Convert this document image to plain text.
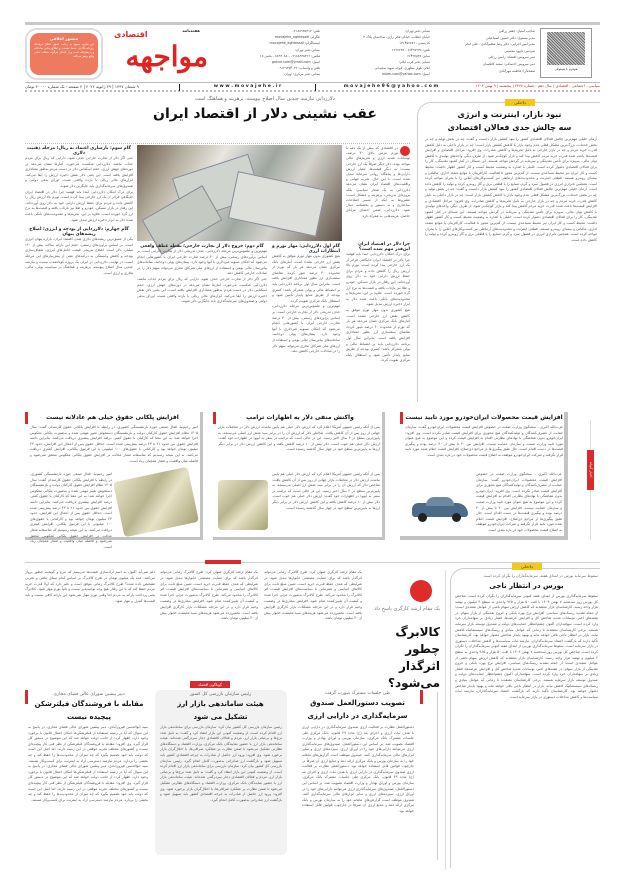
هم‌فرم با مسئولان
صاحب امتیاز: جعفر رزاقی
مدیر مسئول: دکتر حسین اسماعیلی
مدیر امور اجرایی: دکتر رضا عظیم‌آبادی - علی امام
سردبیر: داوود محسنی
دبیر سرویس اقتصاد: رامین رزاقی
دبیر سرویس اجتماعی: سعید کاظمیان
صفحه‌آرا: فاطمه مهرآبادی
نشانی دفتر تهران:
خیابان انقلاب، خیابان فخر رازی، ساختمان پلاک ۳
کد پستی ۱۳۱۴۵۶۷۸۹۰
تلفن: ۶۶۴۹۷۲۳۸ - ۶۶۹۷۲۳۸
نمابر: ۶۶۴۹۷۵۳۸
نشانی دفتر غرب ایلام:
ایلام، بلوار مطهری، کوچه شهید سلیمانی
ایمیل: iolom.com@yahoo.com
تلفن: ۰۲۱۸۸۹۳۵۳۱۲
تلگرام: movajehe_eghtesadi
اینستاگرام: movajehe_eghtesadi
نشانی دفتر تهران:
فکس: ۰۲۱۸۸۹۳۵۳۱۲ - ۸۸۹۳۰۸۸ - بخش ۱۸
ایمیل: gahve.com@ymail.com
تلفن و واتساپ: ۰۹۱۲۹۳۵۴۰۳۲
نشانی دفتر مرکزی: تهران
هفته‌نامه
مواجهه
اقتصادی
منشور اخلاقی
این نشریه متعهد به رعایت اصول اخلاق حرفه‌ای روزنامه‌نگاری، حفظ حقیقت و اطلاع‌رسانی صادقانه و بی‌طرفانه است و از انتشار هرگونه مطلب خلاف واقع پرهیز می‌کند.
۹ شعبان ۱۴۴۷ | ۲۹ ژانویه ۲۰۲۶ | ۴ صفحه - تک شماره ۴۰۰۰۰ تومان	w w w . m o v a j e h e . i r	m o v a j e h e 9 6 @ y a h o o . c o m	سیاسی - اجتماعی - اقتصادی | سال دهم - شماره ۲۳۷۷ | پنجشنبه | ۹ بهمن ۱۴۰۴
دلارزدایی نیازمند چندین سال اصلاح پیوسته، پرهزینه و هماهنگ است
عقب نشینی دلار از اقتصاد ایران
در اقتصادی که بیش از یک دهه با تورم مزمن بالای ۳۰ درصد، نوسانات شدید ارزی و تحریم‌های مالی مواجه بوده، دلار دیگر صرفاً یک ارز خارجی نیست؛ به دیگر قیمت‌ها، معیار ارزش دارایی‌ها و پناهگاه روانی سرمایه تبدیل شده است. با این حال، تجربه جهانی و واقعیت‌های اقتصاد ایران نشان می‌دهد دلارزدایی نه یک شعار سیاسی، بلکه پروژه‌ای تدریجی، پرهزینه و مشکل است؛ مشروط به آنکه از مسیر اصلاحات ساختاری و نه دستور و بخشنامه دنبال شود. دلارزدایی، ضمن احصای مزایای حاصل، هزینه‌هایی به همراه دارد.
چرا دلار در اقتصاد ایران این‌قدر مهم شده است؟
برای درک امکان دلارزدایی ابتدا باید فهمید چرا دلار در اقتصاد ایران جایگاهی فراتر از یک ارز خارجی پیدا کرده است. تورم بالا ارزش ریال را کاهش داده و مردم برای حفظ ارزش دارایی خود به دلار روی آورده‌اند. این رفتار در بازار مسکن، خودرو و طلا نیز بازتاب یافته و قیمت‌ها به نرخ ارز گره خورده است. علاوه بر این، تحریم‌ها و محدودیت‌های بانکی باعث شده دلار به ابزار ذخیره ارزش تبدیل شود.
هیچ کشوری بدون مهار تورم موفق به کاهش نقش ارز خارجی نشده است. آمارهای بانک مرکزی نشان می‌دهد هر بار که تورم از محدوده ۴۰ درصد عبور کرده، تقاضای سفته‌بازی ارز بطور معناداری افزایش یافته است. بنابراین سال اول برنامه دلارزدایی باید بر انضباط مالی و پولی متمرکز باشد؛ کسری بودجه از طریق منابع پایدار تأمین شود و استقلال بانک مرکزی تقویت گردد.
گام اول دلارزدایی: مهار تورم و انتظارات ارزی
هیچ کشوری بدون مهار تورم موفق به کاهش نقش ارز خارجی نشده است. آمارهای بانک مرکزی نشان می‌دهد هر بار که تورم از محدوده ۴۰ درصد عبور کرده، تقاضای سفته‌بازی ارز بطور معناداری افزایش یافته است. بنابراین سال اول برنامه دلارزدایی باید بر انضباط مالی و پولی متمرکز باشد؛ کسری بودجه از طریق منابع پایدار تأمین شود و استقلال بانک مرکزی تقویت گردد.
مهم‌ترین و ملموس‌ترین مرحله دلارزدایی، حذف تدریجی دلار از تجارت خارجی است. بر اساس برآوردهای رسمی، بیش از ۴۰ درصد تجارت خارجی ایران با کشورهایی انجام می‌شود که امکان تسویه غیردلاری با آنها وجود دارد. پیمان‌های پولی دوجانبه، سامانه‌های پیام‌رسان مالی بومی و استفاده از ارزهای ملی شرکای تجاری می‌تواند سهم دلار را در مبادلات خارجی کاهش دهد.
گام دوم: خروج دلار از تجارت خارجی؛ نقطه عطف واقعی
مهم‌ترین و ملموس‌ترین مرحله دلارزدایی، حذف تدریجی دلار از تجارت خارجی است. بر اساس برآوردهای رسمی، بیش از ۴۰ درصد تجارت خارجی ایران با کشورهایی انجام می‌شود که امکان تسویه غیردلاری با آنها وجود دارد. پیمان‌های پولی دوجانبه، سامانه‌های پیام‌رسان مالی بومی و استفاده از ارزهای ملی شرکای تجاری می‌تواند سهم دلار را در مبادلات خارجی کاهش دهد.
حتی اگر دلار از تجارت خارجی حذف شود، دارایی که ریال برای مردم جذاب نباشد، دلارزدایی شکست می‌خورد. آمارها نشان می‌دهد در دوره‌های جهش ارزی، حجم اسکناس دلار در دست مردم به‌طور معناداری افزایش یافته است. این یعنی دلار نقش ذخیره ارزش را ایفا می‌کند. ابزارهای مالی ریالی با بازده واقعی مثبت، اوراق بدهی دولتی و صندوق‌های سرمایه‌گذاری باید جایگزین دلار شوند.
گام سوم: بازسازی اعتماد به ریال؛ مرحله ذهنیت دلاری
حتی اگر دلار از تجارت خارجی حذف شود، دارایی که ریال برای مردم جذاب نباشد، دلارزدایی شکست می‌خورد. آمارها نشان می‌دهد در دوره‌های جهش ارزی، حجم اسکناس دلار در دست مردم به‌طور معناداری افزایش یافته است. این یعنی دلار نقش ذخیره ارزش را ایفا می‌کند. ابزارهای مالی ریالی با بازده واقعی مثبت، اوراق بدهی دولتی و صندوق‌های سرمایه‌گذاری باید جایگزین دلار شوند.
برای درک امکان دلارزدایی ابتدا باید فهمید چرا دلار در اقتصاد ایران جایگاهی فراتر از یک ارز خارجی پیدا کرده است. تورم بالا ارزش ریال را کاهش داده و مردم برای حفظ ارزش دارایی خود به دلار روی آورده‌اند. این رفتار در بازار مسکن، خودرو و طلا نیز بازتاب یافته و قیمت‌ها به نرخ ارز گره خورده است. علاوه بر این، تحریم‌ها و محدودیت‌های بانکی باعث شده دلار به ابزار ذخیره ارزش تبدیل شود.
گام چهارم: دلارزدایی از بودجه و انرژی؛ اصلاح ریشه‌های پنهان
یکی از عمیق‌ترین ریشه‌های دلاری شدن اقتصاد ایران، بازاره پنهان انرژی است. بر اساس برآوردهای رسمی، حجم این یارانه سالانه بیش از ۱۲۰ میلیارد دلار است. اصلاح تدریجی قیمت حامل‌های انرژی، شفاف‌سازی بودجه و کاهش وابستگی به درآمدهای نفتی از پیش‌نیازهای این مرحله است. در نهایت، دلارزدایی در ایران یک پروژه کوتاه‌مدت نیست و نیازمند چندین سال اصلاح پیوسته، پرهزینه و هماهنگ در سیاست پولی، مالی، تجاری و ارزی است.
داخلی
نبود بازار، اینترنت و انرژی
سه چالش جدی فعالان اقتصادی
آرمان خلیلی مهم‌ترین چالش فعالان اقتصادی کشور را نبود کشش بازار دانست و گفت: چه در بخش تولید و چه در بخش خدمات، بزرگ‌ترین مشکل فعلی عدم وجود بازار یا کاهش کشش بازار است؛ چه در بازار داخلی به دلیل کاهش قدرت خرید مردم و چه در بازار خارجی به دلیل تحریم‌ها و کاهش صادرات. وی افزود: مراحل اقتصادی و افزایش قیمت‌ها باعث شده قدرت خرید مردم کاهش پیدا کند و بازار کوچک‌تر شود. از طرف دیگر، واحدهای تولیدی با کاهش توان مالی، به‌ویژه برای تأمین نقدینگی و سرمایه در گردش مواجه هستند. این مسائل در کنار کمبود نقدینگی، کار را برای فعالان اقتصادی دشوار کرده است. خلیلی با اشاره به وضعیت محیط کسب و کار کشور اظهار داشت: محیط کسب و کار ایران نیز محیط مساعدی نیست. از کم‌ترین مجوز تا فعالیت، کارآفرینان با موانع متعدد اداری، مالیاتی و بیمه‌ای روبه‌رو هستند. قطعی اینترنت و محدودیت‌های ارتباطی نیز کسب‌وکارهای آنلاین را با بحران مواجه کرده است. همچنین ناترازی انرژی در فصول سرد و گرم، صنایع را با قطعی برق و گاز روبه‌رو کرده و تولید را کاهش داده است. آرمان خلیلی مهم‌ترین چالش فعالان اقتصادی کشور را نبود کشش بازار دانست و گفت: چه در بخش تولید و چه در بخش خدمات، بزرگ‌ترین مشکل فعلی عدم وجود بازار یا کاهش کشش بازار است؛ چه در بازار داخلی به دلیل کاهش قدرت خرید مردم و چه در بازار خارجی به دلیل تحریم‌ها و کاهش صادرات. وی افزود: مراحل اقتصادی و افزایش قیمت‌ها باعث شده قدرت خرید مردم کاهش پیدا کند و بازار کوچک‌تر شود. از طرف دیگر، واحدهای تولیدی با کاهش توان مالی، به‌ویژه برای تأمین نقدینگی و سرمایه در گردش مواجه هستند. این مسائل در کنار کمبود نقدینگی، کار را برای فعالان اقتصادی دشوار کرده است. خلیلی با اشاره به وضعیت محیط کسب و کار کشور اظهار داشت: محیط کسب و کار ایران نیز محیط مساعدی نیست. از کم‌ترین مجوز تا فعالیت، کارآفرینان با موانع متعدد اداری، مالیاتی و بیمه‌ای روبه‌رو هستند. قطعی اینترنت و محدودیت‌های ارتباطی نیز کسب‌وکارهای آنلاین را با بحران مواجه کرده است. همچنین ناترازی انرژی در فصول سرد و گرم، صنایع را با قطعی برق و گاز روبه‌رو کرده و تولید را کاهش داده است.
افزایش قیمت محصولات ایران‌خودرو مورد تایید نیست
عزت‌الله اکبری - سخنگوی وزارت صمت در خصوص افزایش قیمت محصولات ایران‌خودرو گفت: سازمان حمایت از مصرف‌کنندگان و تولیدکنندگان هیچ مجوزی برای افزایش قیمت صادر نکرده است. وی افزود: ایران‌خودرو بدون هماهنگی با نهادهای نظارتی اقدام به افزایش قیمت کرده و این موضوع به هیچ عنوان مورد تایید وزارت صمت و سازمان حمایت نیست. افزایش بین ۲۰ تا بیش از ۴۰ درصد بوده و پیگیری قیمت‌ها در دست اقدام است. حال طبق پیگیری‌ها از مراجع ذی‌صلاح، افزایش قیمت اعلام شده مورد تایید قرار نگرفته و شرکت ایران‌خودرو موظف به اصلاح قیمت محصولات خود در بازه بعدی است.
عزت‌الله اکبری - سخنگوی وزارت صمت در خصوص افزایش قیمت محصولات ایران‌خودرو گفت: سازمان حمایت از مصرف‌کنندگان و تولیدکنندگان هیچ مجوزی برای افزایش قیمت صادر نکرده است. وی افزود: ایران‌خودرو بدون هماهنگی با نهادهای نظارتی اقدام به افزایش قیمت کرده و این موضوع به هیچ عنوان مورد تایید وزارت صمت و سازمان حمایت نیست. افزایش بین ۲۰ تا بیش از ۴۰ درصد بوده و پیگیری قیمت‌ها در دست اقدام است. حال طبق پیگیری‌ها از مراجع ذی‌صلاح، افزایش قیمت اعلام شده مورد تایید قرار نگرفته و شرکت ایران‌خودرو موظف به اصلاح قیمت محصولات خود در بازه بعدی است.
واکنش منفی دلار به اظهارات ترامپ
پس از آنکه رئیس جمهور آمریکا اعلام کرد که ارزش دلار خیلی هم پایین نیامده، ارزش دلار در معاملات بازار جهانی از روز پس از آن کاهش یافت. شاخص دلار که ارزش آن را در برابر سبد شش ارز اصلی می‌سنجد، به پایین‌ترین سطح در ۴ سال اخیر رسید. این در حالی است که ترامپ در سفر به آیووا در اظهارات خود گفت: ارزش دلار خیلی هم خوب است. دلار بیش از ۱۰ درصد کاهش یافته و این کاهش ارزش دلار در برابر دیگر ارزها به پایین‌ترین سطح خود در چهار سال گذشته رسیده است.
پس از آنکه رئیس جمهور آمریکا اعلام کرد که ارزش دلار خیلی هم پایین نیامده، ارزش دلار در معاملات بازار جهانی از روز پس از آن کاهش یافت. شاخص دلار که ارزش آن را در برابر سبد شش ارز اصلی می‌سنجد، به پایین‌ترین سطح در ۴ سال اخیر رسید. این در حالی است که ترامپ در سفر به آیووا در اظهارات خود گفت: ارزش دلار خیلی هم خوب است. دلار بیش از ۱۰ درصد کاهش یافته و این کاهش ارزش دلار در برابر دیگر ارزها به پایین‌ترین سطح خود در چهار سال گذشته رسیده است.
افزایش پلکانی حقوق خیلی هم عادلانه نیست
امیر رحیم‌نیا، فعال صنفی حوزه بازنشستگی کشوری، در رابطه با افزایش پلکانی حقوق کارمندان گفت: سال ۱۴۰۵ نظام افزایش حقوق کارکنان دولت و بازنشستگان دستخوش تغییر مهمی شده و به‌صورت پلکانی معکوس اجرا خواهد شد؛ به این معنا که کارکنان با حقوق کمتر، درصد افزایش بیشتری دریافت می‌کنند. بنابراین دامنه افزایش حقوق بین حدود ۲۱ تا ۴۳ درصد پیش‌بینی شده است. حداقل حقوق پس از اعمال این افزایش، حدود ۲۳ میلیون تومان خواهد بود و کارکنانی با حقوق‌های ۱۰۰ میلیونی با این فرمول پلکانی، افزایش کمتری دریافت می‌کنند. به این نتیجه رسیدیم که متاسفانه شعار عدالت در افزایش حقوق پلکانی معکوس محقق نمی‌شود و فاصله میان واقعیت و شعار همچنان زیاد است.
امیر رحیم‌نیا، فعال صنفی حوزه بازنشستگی کشوری، در رابطه با افزایش پلکانی حقوق کارمندان گفت: سال ۱۴۰۵ نظام افزایش حقوق کارکنان دولت و بازنشستگان دستخوش تغییر مهمی شده و به‌صورت پلکانی معکوس اجرا خواهد شد؛ به این معنا که کارکنان با حقوق کمتر، درصد افزایش بیشتری دریافت می‌کنند. بنابراین دامنه افزایش حقوق بین حدود ۲۱ تا ۴۳ درصد پیش‌بینی شده است. حداقل حقوق پس از اعمال این افزایش، حدود ۲۳ میلیون تومان خواهد بود و کارکنانی با حقوق‌های ۱۰۰ میلیونی با این فرمول پلکانی، افزایش کمتری دریافت می‌کنند. به این نتیجه رسیدیم که متاسفانه شعار عدالت در افزایش حقوق پلکانی معکوس محقق نمی‌شود و فاصله میان واقعیت و شعار همچنان زیاد است.
اخبار کوتاه
داخلی
سقوط سرمایه بورس در ابتدای هفته، سرمایه‌گذاران را نگران کرده است
بورس در انتظار ناجی
سقوط سرمایه‌گذاری بورس از ابتدای هفته کنونی سرمایه‌گذاران را نگران کرده است. شاخص کل بورس روز سه‌شنبه ۷ بهمن ۱۴۰۴ با افت ۵۰ هزار و ۹۶۵ واحدی به سطح ۴ میلیون و نهصد هزار واحد رسید. کارشناسان بازار معتقدند که کاهش ارزش سهام ناشی از عوامل متعددی است؛ از جمله تشدید ریسک‌های سیاسی، افزایش نرخ بهره بانکی و خروج نقدینگی از بازار سهام. در هفته‌های اخیر، نوسانات شدید شاخص کل و افزایش عرضه‌ها، فشار زیادی بر سهامداران خرد وارد کرده است. سهامداران اکنون چشم‌انتظار حمایت‌های دولت و صندوق توسعه بازار سرمایه هستند. برخی کارشناسان معتقدند تا زمانی که عوامل بنیادی و ریسک‌های سیستماتیک کاهش نیابد، بازار در انتظار ناجی باقی خواهد ماند و بهبود پایدار شاخص دشوار خواهد بود. کارشناسان تأکید دارند که بازگشت اعتماد سرمایه‌گذاران، نیازمند ثبات سیاست‌ها و کاهش مداخلات دستوری در بازار سرمایه است. سقوط سرمایه‌گذاری بورس از ابتدای هفته کنونی سرمایه‌گذاران را نگران کرده است. شاخص کل بورس روز سه‌شنبه ۷ بهمن ۱۴۰۴ با افت ۵۰ هزار و ۹۶۵ واحدی به سطح ۴ میلیون و نهصد هزار واحد رسید. کارشناسان بازار معتقدند که کاهش ارزش سهام ناشی از عوامل متعددی است؛ از جمله تشدید ریسک‌های سیاسی، افزایش نرخ بهره بانکی و خروج نقدینگی از بازار سهام. در هفته‌های اخیر، نوسانات شدید شاخص کل و افزایش عرضه‌ها، فشار زیادی بر سهامداران خرد وارد کرده است. سهامداران اکنون چشم‌انتظار حمایت‌های دولت و صندوق توسعه بازار سرمایه هستند. برخی کارشناسان معتقدند تا زمانی که عوامل بنیادی و ریسک‌های سیستماتیک کاهش نیابد، بازار در انتظار ناجی باقی خواهد ماند و بهبود پایدار شاخص دشوار خواهد بود. کارشناسان تأکید دارند که بازگشت اعتماد سرمایه‌گذاران، نیازمند ثبات سیاست‌ها و کاهش مداخلات دستوری در بازار سرمایه است.
یک مقام ارشد کارگری پاسخ داد
کالابرگ چطور اثرگذار می‌شود؟
یک مقام ارشد کارگری عنوان کرد: طرح کالابرگ زمانی می‌تواند اثرگذار باشد که برای حمایت معیشتی خانوارها تبدیل شود. در شرایطی که هدف حفظ قدرت خرید است، تعیین مبلغ ثابت برای کالاهای اساسی و همزمانی با سیاست‌های افزایش قیمت، اثر کالابرگ را محدود می‌کند. طرح کالابرگ به‌صورت جزئی اجرا شده و کیفیت آن تعیین‌کننده تمام شود. افزایش بیماری‌ها در وضعیت وخیم قرار دارد و در این مرحله مشکلات بازار کارگری افزایش یافته است. تخمین‌زده می‌شود هزینه‌های سبد معیشت خانوار بیش از ۴۰ میلیون تومان باشد.
یک مقام ارشد کارگری عنوان کرد: طرح کالابرگ زمانی می‌تواند اثرگذار باشد که برای حمایت معیشتی خانوارها تبدیل شود. در شرایطی که هدف حفظ قدرت خرید است، تعیین مبلغ ثابت برای کالاهای اساسی و همزمانی با سیاست‌های افزایش قیمت، اثر کالابرگ را محدود می‌کند. طرح کالابرگ به‌صورت جزئی اجرا شده و کیفیت آن تعیین‌کننده تمام شود. افزایش بیماری‌ها در وضعیت وخیم قرار دارد و در این مرحله مشکلات بازار کارگری افزایش یافته است. تخمین‌زده می‌شود هزینه‌های سبد معیشت خانوار بیش از ۴۰ میلیون تومان باشد.
دلم نمی‌آید اکنون به اسم آزادسازی قیمت‌ها می‌بینیم که مرغ و گوشت چطور پرواز می‌کنند. عده یک میلیون تومان در طرح کالابرگ بر اساس کدام مبنای علمی و تجربی تشخیص داده شده؟ طرح کالابرگ زمانی موفق است و تاثیر دارد که اولاً قدرت خرید مردم حفظ کند که با این رفتار هیچ وجه توجیه‌پذیر نیست و ثانیاً تورم مهار شود. کالابرگ یعنی پرداخت یارانه به مردم اما وقتی تورم مهار نمی‌شود این یارانه کافی نیست و باید قیمت‌ها کنترل و مهار شود.
طی جلسات مشترک صورت گرفت
تصویب دستورالعمل صندوق
سرمایه‌گذاری در دارایی ارزی
دستورالعمل نظارت بر فعالیت ارزی صندوق سرمایه‌گذاری در دارایی ارزی با هدف ثبات ارزی و اجرای بند (ح) ماده ۴۹ قانون، بانک مرکزی طی جلسات مشترک بانک مرکزی، سازمان بورس و اوراق بهادار و وزارت اقتصاد تصویب شد. بر اساس این دستورالعمل، صندوق‌های سرمایه‌گذاری ارزی می‌توانند دارایی‌های خود را در اوراق ارزی، سپرده‌های ارزی و سایر ابزارهای مالی سرمایه‌گذاری کنند. صندوق موظف است گزارش‌های ماهانه خود را به سازمان بورس و بانک مرکزی ارائه دهد و منابع ارزی آن صرفاً در چارچوب قوانین قابل استفاده خواهد بود. دستورالعمل نظارت بر فعالیت ارزی صندوق سرمایه‌گذاری در دارایی ارزی با هدف ثبات ارزی و اجرای بند (ح) ماده ۴۹ قانون، بانک مرکزی طی جلسات مشترک بانک مرکزی، سازمان بورس و اوراق بهادار و وزارت اقتصاد تصویب شد. بر اساس این دستورالعمل، صندوق‌های سرمایه‌گذاری ارزی می‌توانند دارایی‌های خود را در اوراق ارزی، سپرده‌های ارزی و سایر ابزارهای مالی سرمایه‌گذاری کنند. صندوق موظف است گزارش‌های ماهانه خود را به سازمان بورس و بانک مرکزی ارائه دهد و منابع ارزی آن صرفاً در چارچوب قوانین قابل استفاده خواهد بود.
گوناگون اقتصاد
رئیس سازمان بازرسی کل کشور
هیئت ساماندهی بازار ارز
تشکیل می شود
رئیس سازمان بازرسی کل کشور بیان کرد: سازمان بازرسی برای ساماندهی بازار ارز اقدام کرده است. از وضعیت کنونی این بازار انتقاد کرد و گفت: به دلیل تعدد نرخ‌ها و بی‌ثباتی بازار ارز، مردم و فعالان اقتصادی دچار سردرگمی شده‌اند. هیئت ساماندهی بازار ارز با حضور نمایندگان بانک مرکزی، وزارت اقتصاد و دستگاه‌های نظارتی تشکیل می‌شود تا ضمن نظارت بر عملکرد صرافی‌ها، با اخلال‌گران بازار برخورد شود. وی افزود: ورود ارز حاصل از صادرات به چرخه اقتصادی کشور باید تسهیل شود و بازگشت ارز صادراتی به‌صورت کامل انجام گیرد. رئیس سازمان بازرسی کل کشور بیان کرد: سازمان بازرسی برای ساماندهی بازار ارز اقدام کرده است. از وضعیت کنونی این بازار انتقاد کرد و گفت: به دلیل تعدد نرخ‌ها و بی‌ثباتی بازار ارز، مردم و فعالان اقتصادی دچار سردرگمی شده‌اند. هیئت ساماندهی بازار ارز با حضور نمایندگان بانک مرکزی، وزارت اقتصاد و دستگاه‌های نظارتی تشکیل می‌شود تا ضمن نظارت بر عملکرد صرافی‌ها، با اخلال‌گران بازار برخورد شود. وی افزود: ورود ارز حاصل از صادرات به چرخه اقتصادی کشور باید تسهیل شود و بازگشت ارز صادراتی به‌صورت کامل انجام گیرد.
دبیر پیشین شورای عالی فضای مجازی
مقابله با فروشندگان فیلترشکن
پیچیده نیست
سید ابوالحسن فیروزآبادی، دبیر پیشین شورای عالی فضای مجازی، در پاسخ به این سوال که آیا در زمینه استفاده از فیلترشکن‌ها امکان اعمال قانون یا برخورد وجود دارد، اظهار کرد: از جانب دولت خواهد شد که این موضوع در دستور کار قرار گیرد. وی افزود: مقابله با فروشندگان فیلترشکن از نظر فنی کار پیچیده‌ای نیست و کشورهای مختلف تجربه موفقی در این زمینه دارند. اما اصل این است که دولت باید خود تصمیم بگیرد که چه میزان از محدودیت‌ها را حفظ کند و چه بخشی را بردارد. مردم نیازمند دسترسی آزاد به اینترنت برای کسب‌وکار هستند. سید ابوالحسن فیروزآبادی، دبیر پیشین شورای عالی فضای مجازی، در پاسخ به این سوال که آیا در زمینه استفاده از فیلترشکن‌ها امکان اعمال قانون یا برخورد وجود دارد، اظهار کرد: از جانب دولت خواهد شد که این موضوع در دستور کار قرار گیرد. وی افزود: مقابله با فروشندگان فیلترشکن از نظر فنی کار پیچیده‌ای نیست و کشورهای مختلف تجربه موفقی در این زمینه دارند. اما اصل این است که دولت باید خود تصمیم بگیرد که چه میزان از محدودیت‌ها را حفظ کند و چه بخشی را بردارد. مردم نیازمند دسترسی آزاد به اینترنت برای کسب‌وکار هستند.
